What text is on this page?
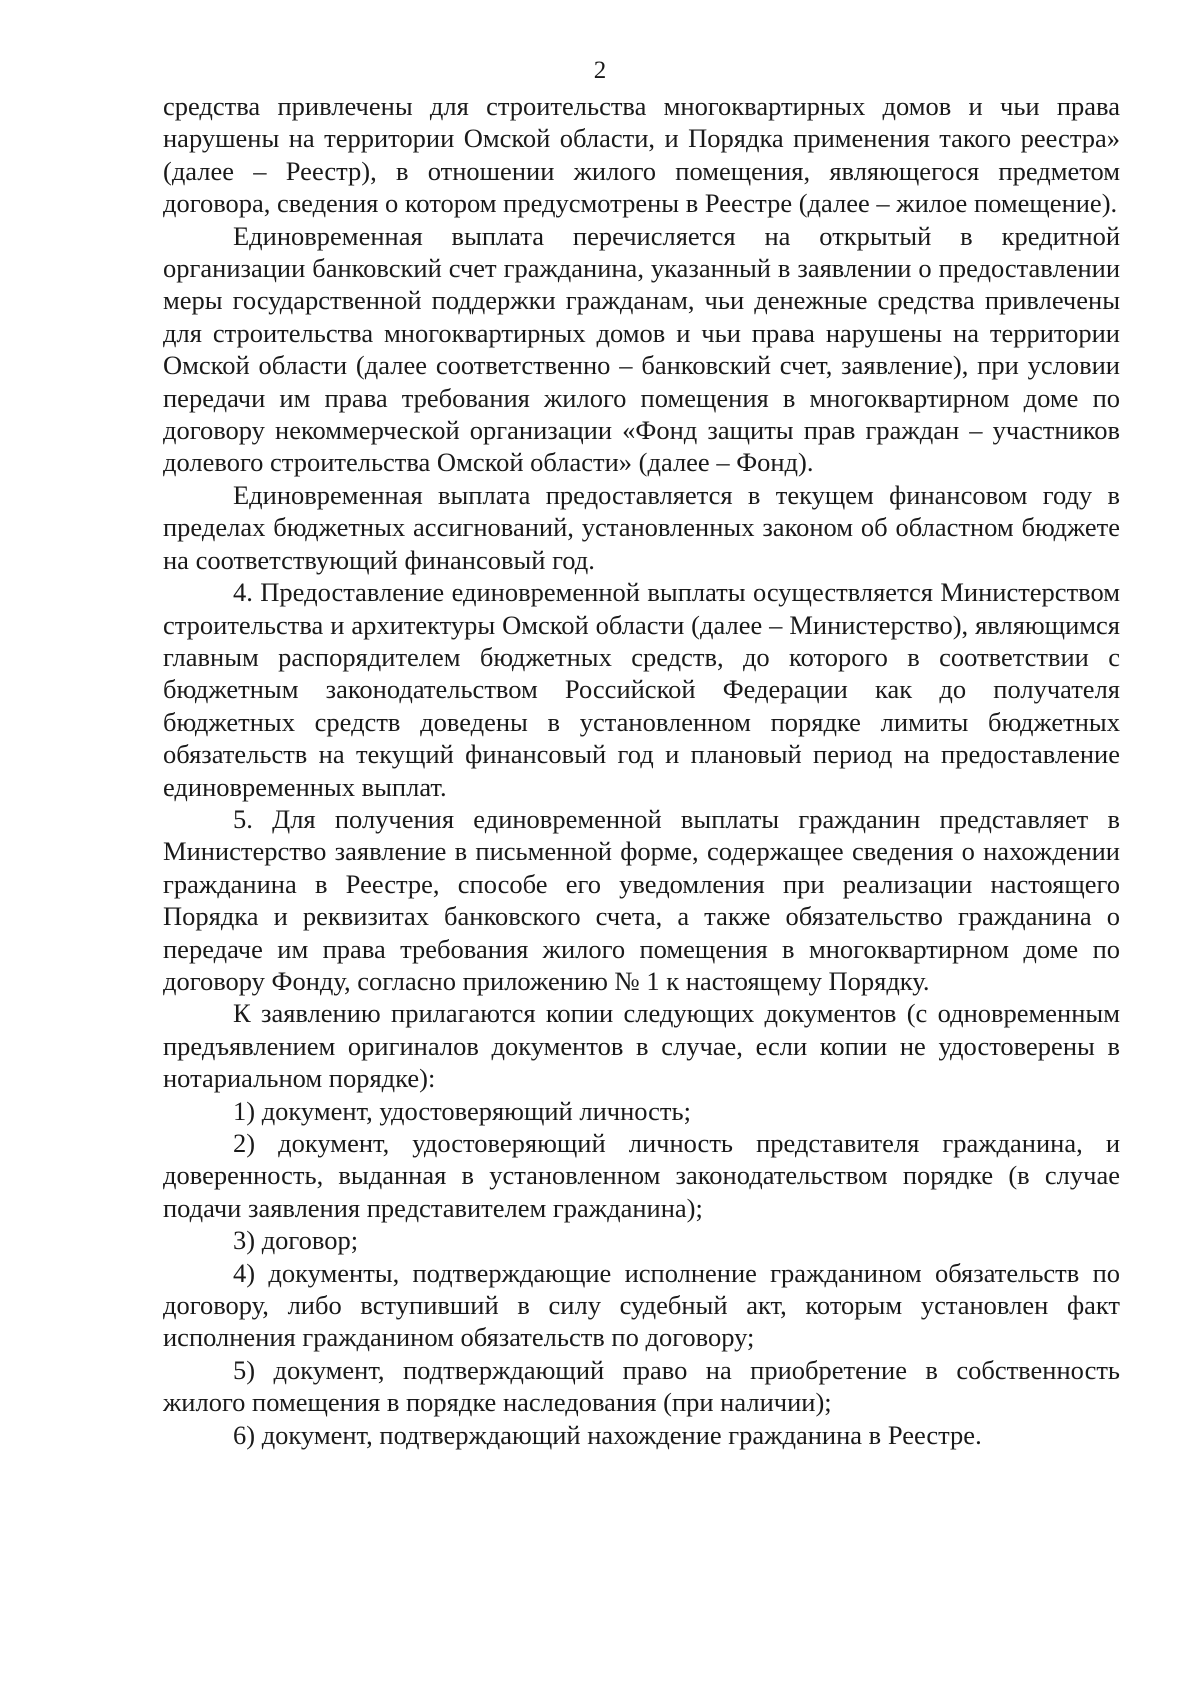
2

средства привлечены для строительства многоквартирных домов и чьи права нарушены на территории Омской области, и Порядка применения такого реестра» (далее – Реестр), в отношении жилого помещения, являющегося предметом договора, сведения о котором предусмотрены в Реестре (далее – жилое помещение).

Единовременная выплата перечисляется на открытый в кредитной организации банковский счет гражданина, указанный в заявлении о предоставлении меры государственной поддержки гражданам, чьи денежные средства привлечены для строительства многоквартирных домов и чьи права нарушены на территории Омской области (далее соответственно – банковский счет, заявление), при условии передачи им права требования жилого помещения в многоквартирном доме по договору некоммерческой организации «Фонд защиты прав граждан – участников долевого строительства Омской области» (далее – Фонд).

Единовременная выплата предоставляется в текущем финансовом году в пределах бюджетных ассигнований, установленных законом об областном бюджете на соответствующий финансовый год.

4. Предоставление единовременной выплаты осуществляется Министерством строительства и архитектуры Омской области (далее – Министерство), являющимся главным распорядителем бюджетных средств, до которого в соответствии с бюджетным законодательством Российской Федерации как до получателя бюджетных средств доведены в установленном порядке лимиты бюджетных обязательств на текущий финансовый год и плановый период на предоставление единовременных выплат.

5. Для получения единовременной выплаты гражданин представляет в Министерство заявление в письменной форме, содержащее сведения о нахождении гражданина в Реестре, способе его уведомления при реализации настоящего Порядка и реквизитах банковского счета, а также обязательство гражданина о передаче им права требования жилого помещения в многоквартирном доме по договору Фонду, согласно приложению № 1 к настоящему Порядку.

К заявлению прилагаются копии следующих документов (с одновременным предъявлением оригиналов документов в случае, если копии не удостоверены в нотариальном порядке):

1) документ, удостоверяющий личность;

2) документ, удостоверяющий личность представителя гражданина, и доверенность, выданная в установленном законодательством порядке (в случае подачи заявления представителем гражданина);

3) договор;

4) документы, подтверждающие исполнение гражданином обязательств по договору, либо вступивший в силу судебный акт, которым установлен факт исполнения гражданином обязательств по договору;

5) документ, подтверждающий право на приобретение в собственность жилого помещения в порядке наследования (при наличии);

6) документ, подтверждающий нахождение гражданина в Реестре.
